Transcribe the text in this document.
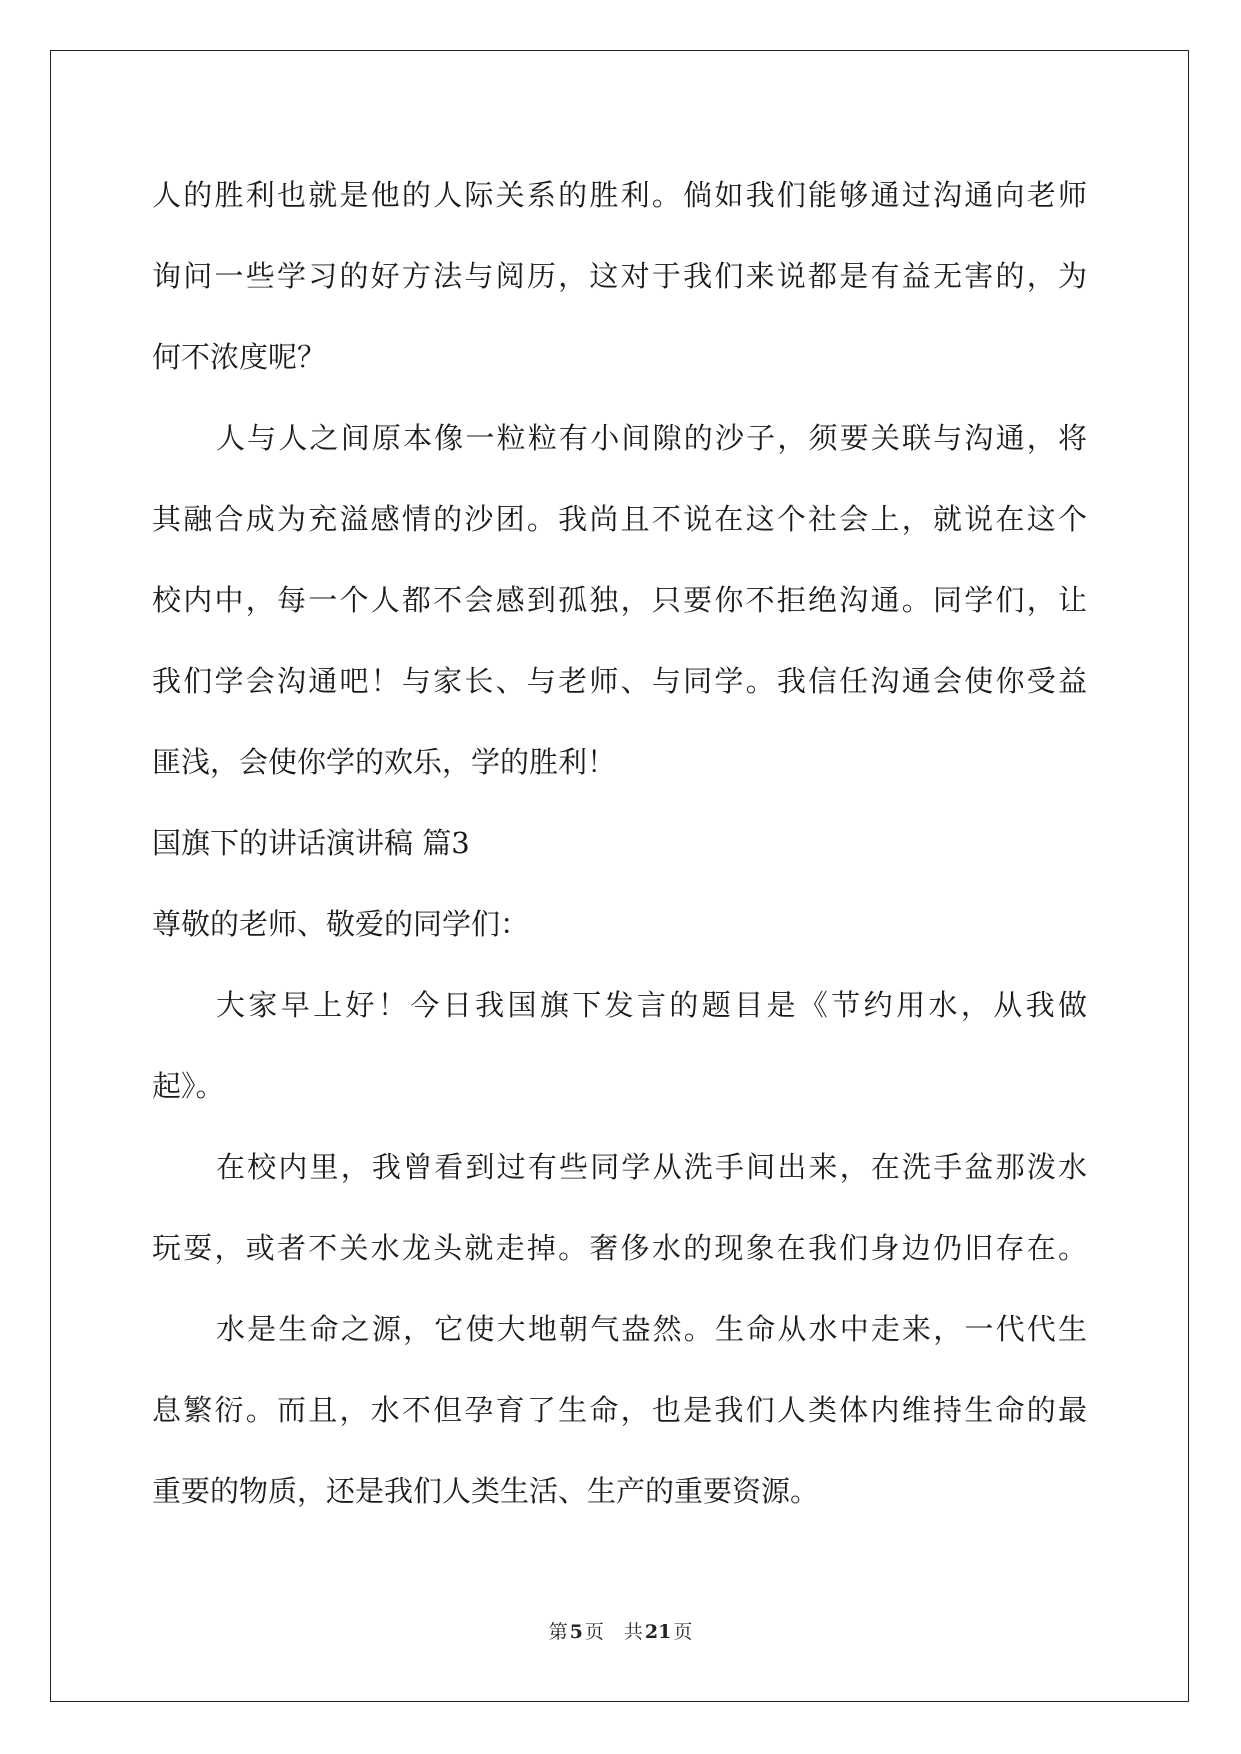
人的胜利也就是他的人际关系的胜利。倘如我们能够通过沟通向老师
询问一些学习的好方法与阅历，这对于我们来说都是有益无害的，为
何不浓度呢？
人与人之间原本像一粒粒有小间隙的沙子，须要关联与沟通，将
其融合成为充溢感情的沙团。我尚且不说在这个社会上，就说在这个
校内中，每一个人都不会感到孤独，只要你不拒绝沟通。同学们，让
我们学会沟通吧！与家长、与老师、与同学。我信任沟通会使你受益
匪浅，会使你学的欢乐，学的胜利！
国旗下的讲话演讲稿 篇3
尊敬的老师、敬爱的同学们：
大家早上好！今日我国旗下发言的题目是《节约用水，从我做
起》。
在校内里，我曾看到过有些同学从洗手间出来，在洗手盆那泼水
玩耍，或者不关水龙头就走掉。奢侈水的现象在我们身边仍旧存在。
水是生命之源，它使大地朝气盎然。生命从水中走来，一代代生
息繁衍。而且，水不但孕育了生命，也是我们人类体内维持生命的最
重要的物质，还是我们人类生活、生产的重要资源。
第 5 页 共 21 页
